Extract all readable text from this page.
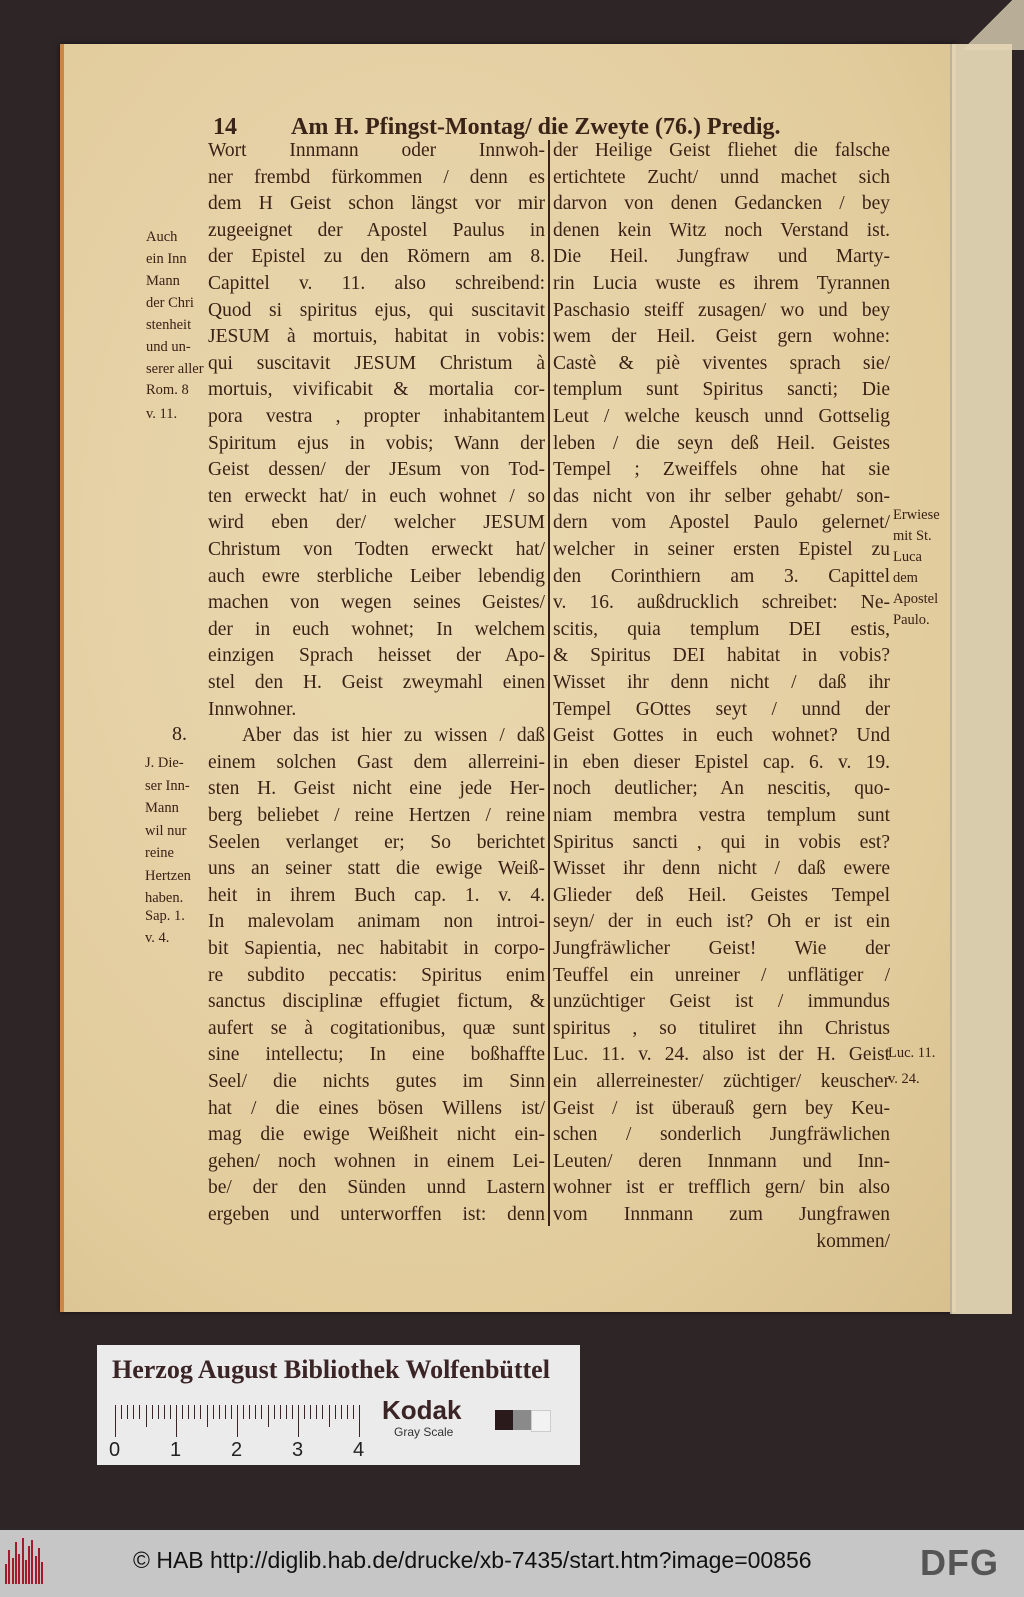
14 Am H. Pfingst-Montag/ die Zweyte (76.) Predig.
Wort Innmann oder Innwoh-
ner frembd fürkommen / denn es
dem H Geist schon längst vor mir
zugeeignet der Apostel Paulus in
der Epistel zu den Römern am 8.
Capittel v. 11. also schreibend:
Quod si spiritus ejus, qui suscitavit
JESUM à mortuis, habitat in vobis:
qui suscitavit JESUM Christum à
mortuis, vivificabit & mortalia cor-
pora vestra , propter inhabitantem
Spiritum ejus in vobis; Wann der
Geist dessen/ der JEsum von Tod-
ten erweckt hat/ in euch wohnet / so
wird eben der/ welcher JESUM
Christum von Todten erweckt hat/
auch ewre sterbliche Leiber lebendig
machen von wegen seines Geistes/
der in euch wohnet; In welchem
einzigen Sprach heisset der Apo-
stel den H. Geist zweymahl einen
Innwohner.
Aber das ist hier zu wissen / daß
einem solchen Gast dem allerreini-
sten H. Geist nicht eine jede Her-
berg beliebet / reine Hertzen / reine
Seelen verlanget er; So berichtet
uns an seiner statt die ewige Weiß-
heit in ihrem Buch cap. 1. v. 4.
In malevolam animam non introi-
bit Sapientia, nec habitabit in corpo-
re subdito peccatis: Spiritus enim
sanctus disciplinæ effugiet fictum, &
aufert se à cogitationibus, quæ sunt
sine intellectu; In eine boßhaffte
Seel/ die nichts gutes im Sinn
hat / die eines bösen Willens ist/
mag die ewige Weißheit nicht ein-
gehen/ noch wohnen in einem Lei-
be/ der den Sünden unnd Lastern
ergeben und unterworffen ist: denn
der Heilige Geist fliehet die falsche
ertichtete Zucht/ unnd machet sich
darvon von denen Gedancken / bey
denen kein Witz noch Verstand ist.
Die Heil. Jungfraw und Marty-
rin Lucia wuste es ihrem Tyrannen
Paschasio steiff zusagen/ wo und bey
wem der Heil. Geist gern wohne:
Castè & piè viventes sprach sie/
templum sunt Spiritus sancti; Die
Leut / welche keusch unnd Gottselig
leben / die seyn deß Heil. Geistes
Tempel ; Zweiffels ohne hat sie
das nicht von ihr selber gehabt/ son-
dern vom Apostel Paulo gelernet/
welcher in seiner ersten Epistel zu
den Corinthiern am 3. Capittel
v. 16. außdrucklich schreibet: Ne-
scitis, quia templum DEI estis,
& Spiritus DEI habitat in vobis?
Wisset ihr denn nicht / daß ihr
Tempel GOttes seyt / unnd der
Geist Gottes in euch wohnet? Und
in eben dieser Epistel cap. 6. v. 19.
noch deutlicher; An nescitis, quo-
niam membra vestra templum sunt
Spiritus sancti , qui in vobis est?
Wisset ihr denn nicht / daß ewere
Glieder deß Heil. Geistes Tempel
seyn/ der in euch ist? Oh er ist ein
Jungfräwlicher Geist! Wie der
Teuffel ein unreiner / unflätiger /
unzüchtiger Geist ist / immundus
spiritus , so tituliret ihn Christus
Luc. 11. v. 24. also ist der H. Geist
ein allerreinester/ züchtiger/ keuscher
Geist / ist überauß gern bey Keu-
schen / sonderlich Jungfräwlichen
Leuten/ deren Innmann und Inn-
wohner ist er trefflich gern/ bin also
vom Innmann zum Jungfrawen
kommen/
Auch
ein Inn
Mann
der Chri
stenheit
und un-
serer aller
Rom. 8
v. 11.
8.
J. Die-
ser Inn-
Mann
wil nur
reine
Hertzen
haben.
Sap. 1.
v. 4.
Erwiese
mit St.
Luca
dem
Apostel
Paulo.
Luc. 11.
v. 24.
Herzog August Bibliothek Wolfenbüttel
Kodak
Gray Scale
0 1 2 3 4
© HAB http://diglib.hab.de/drucke/xb-7435/start.htm?image=00856	DFG
